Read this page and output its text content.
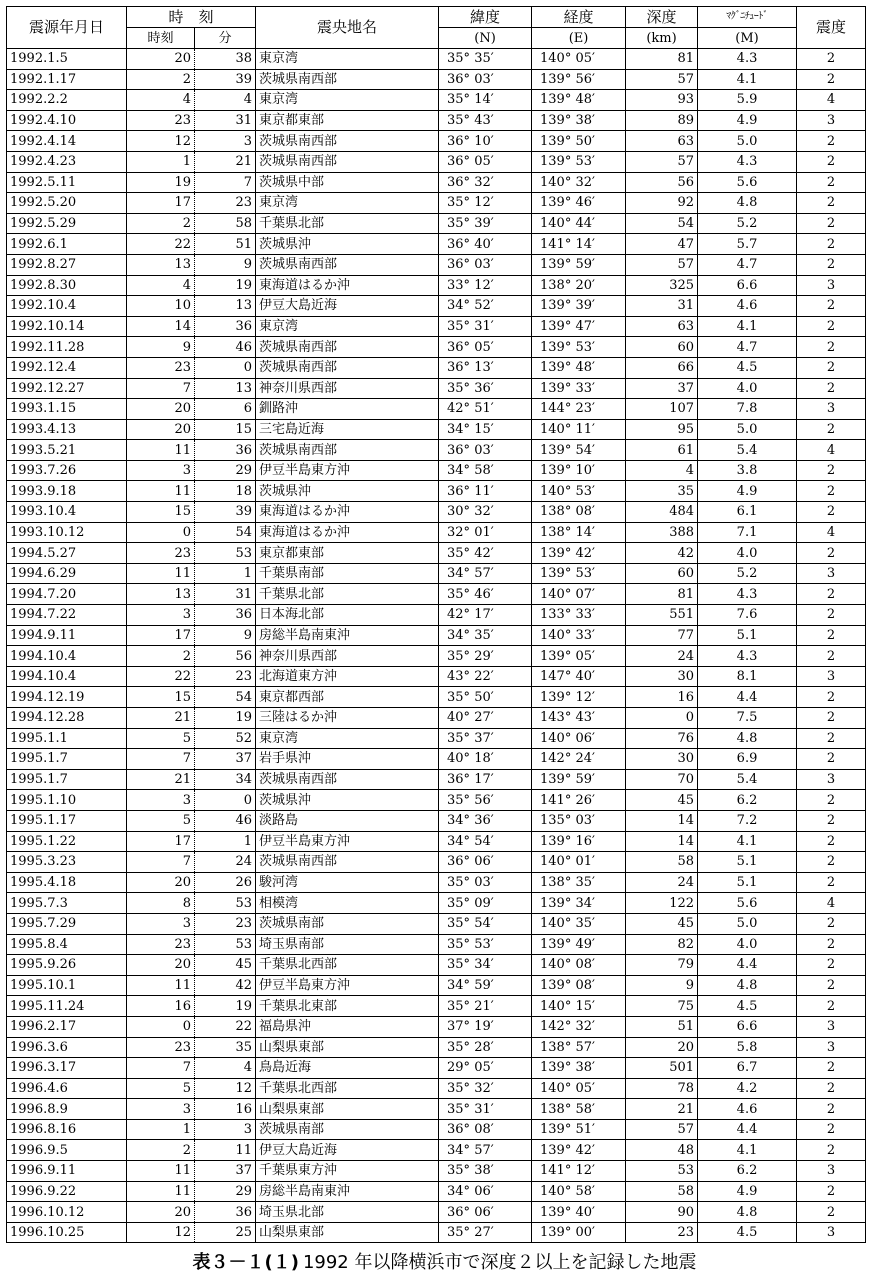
震源年月日	時　刻		震央地名	緯度	経度	深度	ﾏｸﾞﾆﾁｭｰﾄﾞ	震度
	時刻	分		(N)	(E)	(km)	(M)	
1992.1.5	20	38	東京湾	35° 35′	140° 05′	81	4.3	2
1992.1.17	2	39	茨城県南西部	36° 03′	139° 56′	57	4.1	2
1992.2.2	4	4	東京湾	35° 14′	139° 48′	93	5.9	4
1992.4.10	23	31	東京都東部	35° 43′	139° 38′	89	4.9	3
1992.4.14	12	3	茨城県南西部	36° 10′	139° 50′	63	5.0	2
1992.4.23	1	21	茨城県南西部	36° 05′	139° 53′	57	4.3	2
1992.5.11	19	7	茨城県中部	36° 32′	140° 32′	56	5.6	2
1992.5.20	17	23	東京湾	35° 12′	139° 46′	92	4.8	2
1992.5.29	2	58	千葉県北部	35° 39′	140° 44′	54	5.2	2
1992.6.1	22	51	茨城県沖	36° 40′	141° 14′	47	5.7	2
1992.8.27	13	9	茨城県南西部	36° 03′	139° 59′	57	4.7	2
1992.8.30	4	19	東海道はるか沖	33° 12′	138° 20′	325	6.6	3
1992.10.4	10	13	伊豆大島近海	34° 52′	139° 39′	31	4.6	2
1992.10.14	14	36	東京湾	35° 31′	139° 47′	63	4.1	2
1992.11.28	9	46	茨城県南西部	36° 05′	139° 53′	60	4.7	2
1992.12.4	23	0	茨城県南西部	36° 13′	139° 48′	66	4.5	2
1992.12.27	7	13	神奈川県西部	35° 36′	139° 33′	37	4.0	2
1993.1.15	20	6	釧路沖	42° 51′	144° 23′	107	7.8	3
1993.4.13	20	15	三宅島近海	34° 15′	140° 11′	95	5.0	2
1993.5.21	11	36	茨城県南西部	36° 03′	139° 54′	61	5.4	4
1993.7.26	3	29	伊豆半島東方沖	34° 58′	139° 10′	4	3.8	2
1993.9.18	11	18	茨城県沖	36° 11′	140° 53′	35	4.9	2
1993.10.4	15	39	東海道はるか沖	30° 32′	138° 08′	484	6.1	2
1993.10.12	0	54	東海道はるか沖	32° 01′	138° 14′	388	7.1	4
1994.5.27	23	53	東京都東部	35° 42′	139° 42′	42	4.0	2
1994.6.29	11	1	千葉県南部	34° 57′	139° 53′	60	5.2	3
1994.7.20	13	31	千葉県北部	35° 46′	140° 07′	81	4.3	2
1994.7.22	3	36	日本海北部	42° 17′	133° 33′	551	7.6	2
1994.9.11	17	9	房総半島南東沖	34° 35′	140° 33′	77	5.1	2
1994.10.4	2	56	神奈川県西部	35° 29′	139° 05′	24	4.3	2
1994.10.4	22	23	北海道東方沖	43° 22′	147° 40′	30	8.1	3
1994.12.19	15	54	東京都西部	35° 50′	139° 12′	16	4.4	2
1994.12.28	21	19	三陸はるか沖	40° 27′	143° 43′	0	7.5	2
1995.1.1	5	52	東京湾	35° 37′	140° 06′	76	4.8	2
1995.1.7	7	37	岩手県沖	40° 18′	142° 24′	30	6.9	2
1995.1.7	21	34	茨城県南西部	36° 17′	139° 59′	70	5.4	3
1995.1.10	3	0	茨城県沖	35° 56′	141° 26′	45	6.2	2
1995.1.17	5	46	淡路島	34° 36′	135° 03′	14	7.2	2
1995.1.22	17	1	伊豆半島東方沖	34° 54′	139° 16′	14	4.1	2
1995.3.23	7	24	茨城県南西部	36° 06′	140° 01′	58	5.1	2
1995.4.18	20	26	駿河湾	35° 03′	138° 35′	24	5.1	2
1995.7.3	8	53	相模湾	35° 09′	139° 34′	122	5.6	4
1995.7.29	3	23	茨城県南部	35° 54′	140° 35′	45	5.0	2
1995.8.4	23	53	埼玉県南部	35° 53′	139° 49′	82	4.0	2
1995.9.26	20	45	千葉県北西部	35° 34′	140° 08′	79	4.4	2
1995.10.1	11	42	伊豆半島東方沖	34° 59′	139° 08′	9	4.8	2
1995.11.24	16	19	千葉県北東部	35° 21′	140° 15′	75	4.5	2
1996.2.17	0	22	福島県沖	37° 19′	142° 32′	51	6.6	3
1996.3.6	23	35	山梨県東部	35° 28′	138° 57′	20	5.8	3
1996.3.17	7	4	鳥島近海	29° 05′	139° 38′	501	6.7	2
1996.4.6	5	12	千葉県北西部	35° 32′	140° 05′	78	4.2	2
1996.8.9	3	16	山梨県東部	35° 31′	138° 58′	21	4.6	2
1996.8.16	1	3	茨城県南部	36° 08′	139° 51′	57	4.4	2
1996.9.5	2	11	伊豆大島近海	34° 57′	139° 42′	48	4.1	2
1996.9.11	11	37	千葉県東方沖	35° 38′	141° 12′	53	6.2	3
1996.9.22	11	29	房総半島南東沖	34° 06′	140° 58′	58	4.9	2
1996.10.12	20	36	埼玉県北部	36° 06′	139° 40′	90	4.8	2
1996.10.25	12	25	山梨県東部	35° 27′	139° 00′	23	4.5	3
表３－１(１) 1992 年以降横浜市で深度２以上を記録した地震
